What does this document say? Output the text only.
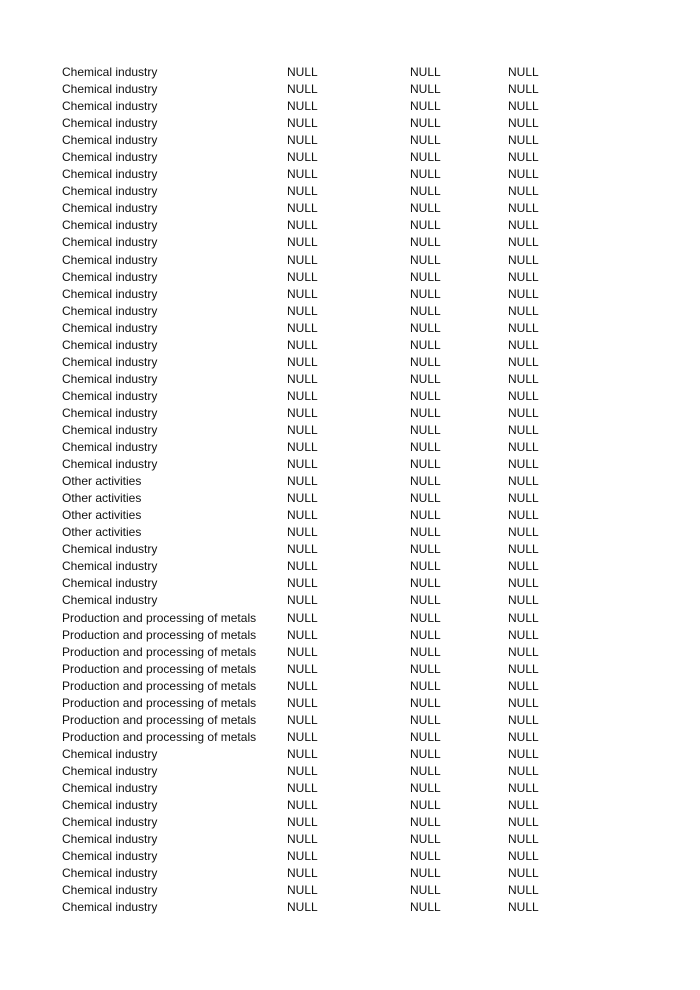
Chemical industry	NULL	NULL	NULL
Chemical industry	NULL	NULL	NULL
Chemical industry	NULL	NULL	NULL
Chemical industry	NULL	NULL	NULL
Chemical industry	NULL	NULL	NULL
Chemical industry	NULL	NULL	NULL
Chemical industry	NULL	NULL	NULL
Chemical industry	NULL	NULL	NULL
Chemical industry	NULL	NULL	NULL
Chemical industry	NULL	NULL	NULL
Chemical industry	NULL	NULL	NULL
Chemical industry	NULL	NULL	NULL
Chemical industry	NULL	NULL	NULL
Chemical industry	NULL	NULL	NULL
Chemical industry	NULL	NULL	NULL
Chemical industry	NULL	NULL	NULL
Chemical industry	NULL	NULL	NULL
Chemical industry	NULL	NULL	NULL
Chemical industry	NULL	NULL	NULL
Chemical industry	NULL	NULL	NULL
Chemical industry	NULL	NULL	NULL
Chemical industry	NULL	NULL	NULL
Chemical industry	NULL	NULL	NULL
Chemical industry	NULL	NULL	NULL
Other activities	NULL	NULL	NULL
Other activities	NULL	NULL	NULL
Other activities	NULL	NULL	NULL
Other activities	NULL	NULL	NULL
Chemical industry	NULL	NULL	NULL
Chemical industry	NULL	NULL	NULL
Chemical industry	NULL	NULL	NULL
Chemical industry	NULL	NULL	NULL
Production and processing of metals	NULL	NULL	NULL
Production and processing of metals	NULL	NULL	NULL
Production and processing of metals	NULL	NULL	NULL
Production and processing of metals	NULL	NULL	NULL
Production and processing of metals	NULL	NULL	NULL
Production and processing of metals	NULL	NULL	NULL
Production and processing of metals	NULL	NULL	NULL
Production and processing of metals	NULL	NULL	NULL
Chemical industry	NULL	NULL	NULL
Chemical industry	NULL	NULL	NULL
Chemical industry	NULL	NULL	NULL
Chemical industry	NULL	NULL	NULL
Chemical industry	NULL	NULL	NULL
Chemical industry	NULL	NULL	NULL
Chemical industry	NULL	NULL	NULL
Chemical industry	NULL	NULL	NULL
Chemical industry	NULL	NULL	NULL
Chemical industry	NULL	NULL	NULL
